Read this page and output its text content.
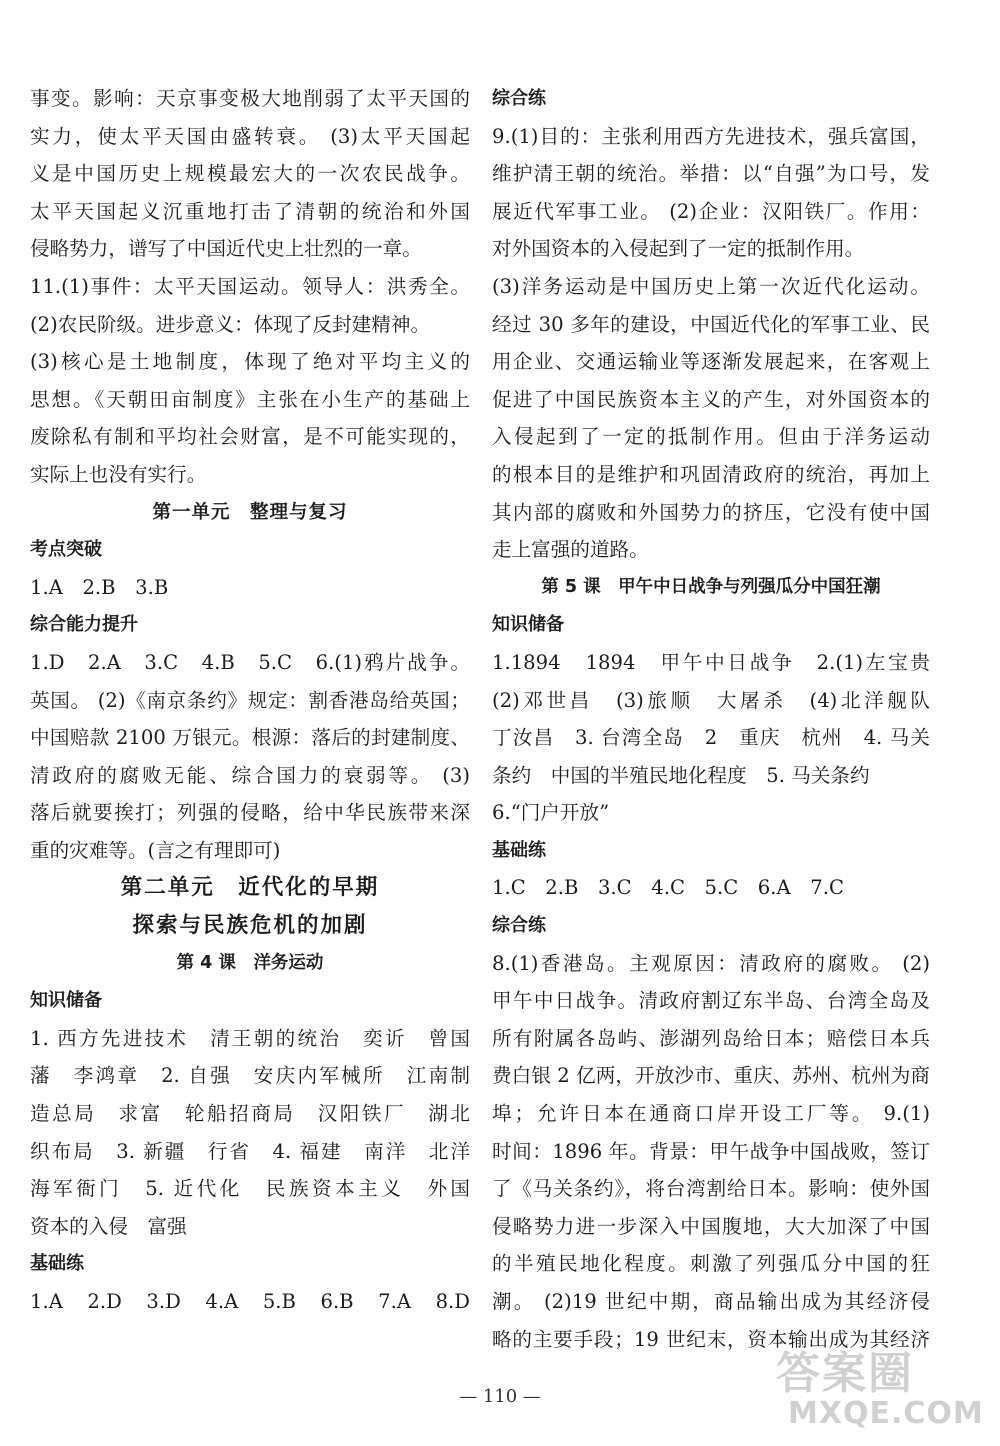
事变。影响：天京事变极大地削弱了太平天国的
实力，使太平天国由盛转衰。 (3)太平天国起
义是中国历史上规模最宏大的一次农民战争。
太平天国起义沉重地打击了清朝的统治和外国
侵略势力，谱写了中国近代史上壮烈的一章。
11.(1)事件：太平天国运动。领导人：洪秀全。
(2)农民阶级。进步意义：体现了反封建精神。
(3)核心是土地制度，体现了绝对平均主义的
思想。《天朝田亩制度》主张在小生产的基础上
废除私有制和平均社会财富，是不可能实现的，
实际上也没有实行。
第一单元　整理与复习
考点突破
1.A　2.B　3.B
综合能力提升
1.D　2.A　3.C　4.B　5.C　6.(1)鸦片战争。
英国。 (2)《南京条约》规定：割香港岛给英国；
中国赔款 2100 万银元。根源：落后的封建制度、
清政府的腐败无能、综合国力的衰弱等。 (3)
落后就要挨打；列强的侵略，给中华民族带来深
重的灾难等。(言之有理即可)
第二单元　近代化的早期
探索与民族危机的加剧
第 4 课　洋务运动
知识储备
1. 西方先进技术　清王朝的统治　奕䜣　曾国
藩　李鸿章　2. 自强　安庆内军械所　江南制
造总局　求富　轮船招商局　汉阳铁厂　湖北
织布局　3. 新疆　行省　4. 福建　南洋　北洋
海军衙门　5. 近代化　民族资本主义　外国
资本的入侵　富强
基础练
1.A　2.D　3.D　4.A　5.B　6.B　7.A　8.D
综合练
9.(1)目的：主张利用西方先进技术，强兵富国，
维护清王朝的统治。举措：以“自强”为口号，发
展近代军事工业。 (2)企业：汉阳铁厂。作用：
对外国资本的入侵起到了一定的抵制作用。
(3)洋务运动是中国历史上第一次近代化运动。
经过 30 多年的建设，中国近代化的军事工业、民
用企业、交通运输业等逐渐发展起来，在客观上
促进了中国民族资本主义的产生，对外国资本的
入侵起到了一定的抵制作用。但由于洋务运动
的根本目的是维护和巩固清政府的统治，再加上
其内部的腐败和外国势力的挤压，它没有使中国
走上富强的道路。
第 5 课　甲午中日战争与列强瓜分中国狂潮
知识储备
1.1894　1894　甲午中日战争　2.(1)左宝贵
(2)邓世昌　(3)旅顺　大屠杀　(4)北洋舰队
丁汝昌　3. 台湾全岛　2　重庆　杭州　4. 马关
条约　中国的半殖民地化程度　5. 马关条约
6.“门户开放”
基础练
1.C　2.B　3.C　4.C　5.C　6.A　7.C
综合练
8.(1)香港岛。主观原因：清政府的腐败。 (2)
甲午中日战争。清政府割辽东半岛、台湾全岛及
所有附属各岛屿、澎湖列岛给日本；赔偿日本兵
费白银 2 亿两，开放沙市、重庆、苏州、杭州为商
埠；允许日本在通商口岸开设工厂等。 9.(1)
时间：1896 年。背景：甲午战争中国战败，签订
了《马关条约》，将台湾割给日本。影响：使外国
侵略势力进一步深入中国腹地，大大加深了中国
的半殖民地化程度。刺激了列强瓜分中国的狂
潮。 (2)19 世纪中期，商品输出成为其经济侵
略的主要手段；19 世纪末，资本输出成为其经济
— 110 —	答案圈
MXQE.COM
